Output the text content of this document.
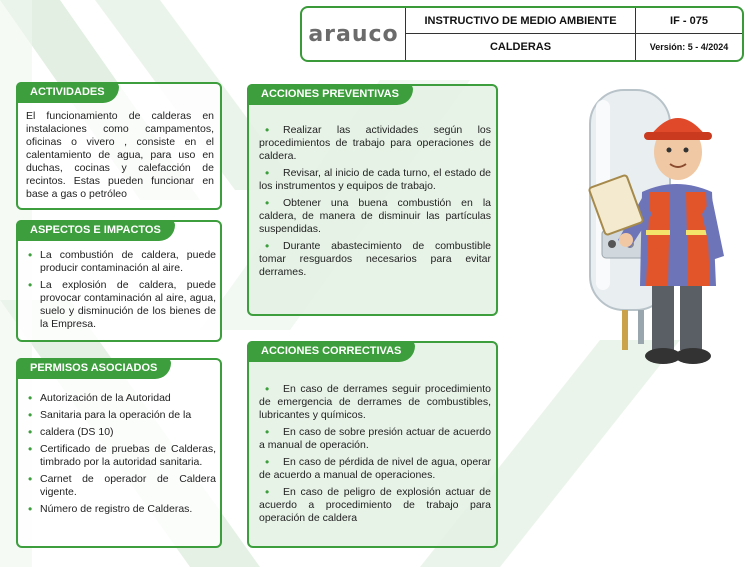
arauco
INSTRUCTIVO DE MEDIO AMBIENTE	IF - 075
CALDERAS	Versión: 5 - 4/2024
ACTIVIDADES

El funcionamiento de calderas en instalaciones como campamentos, oficinas o vivero , consiste en el calentamiento de agua, para uso en duchas, cocinas y calefacción de recintos. Estas pueden funcionar en base a gas o petróleo

ASPECTOS E IMPACTOS
• La combustión de caldera, puede producir contaminación al aire.
• La explosión de caldera, puede provocar contaminación al aire, agua, suelo y disminución de los bienes de la Empresa.
PERMISOS ASOCIADOS
• Autorización de la Autoridad
• Sanitaria para la operación de la
• caldera (DS 10)
• Certificado de pruebas de Calderas, timbrado por la autoridad sanitaria.
• Carnet de operador de Caldera vigente.
• Número de registro de Calderas.
ACCIONES PREVENTIVAS
• Realizar las actividades según los procedimientos de trabajo para operaciones de caldera.
• Revisar, al inicio de cada turno, el estado de los instrumentos y equipos de trabajo.
• Obtener una buena combustión en la caldera, de manera de disminuir las partículas suspendidas.
• Durante abastecimiento de combustible tomar resguardos necesarios para evitar derrames.
ACCIONES CORRECTIVAS
• En caso de derrames seguir procedimiento de emergencia de derrames de combustibles, lubricantes y químicos.
• En caso de sobre presión actuar de acuerdo a manual de operación.
• En caso de pérdida de nivel de agua, operar de acuerdo a manual de operaciones.
• En caso de peligro de explosión actuar de acuerdo a procedimiento de trabajo para operación de caldera
